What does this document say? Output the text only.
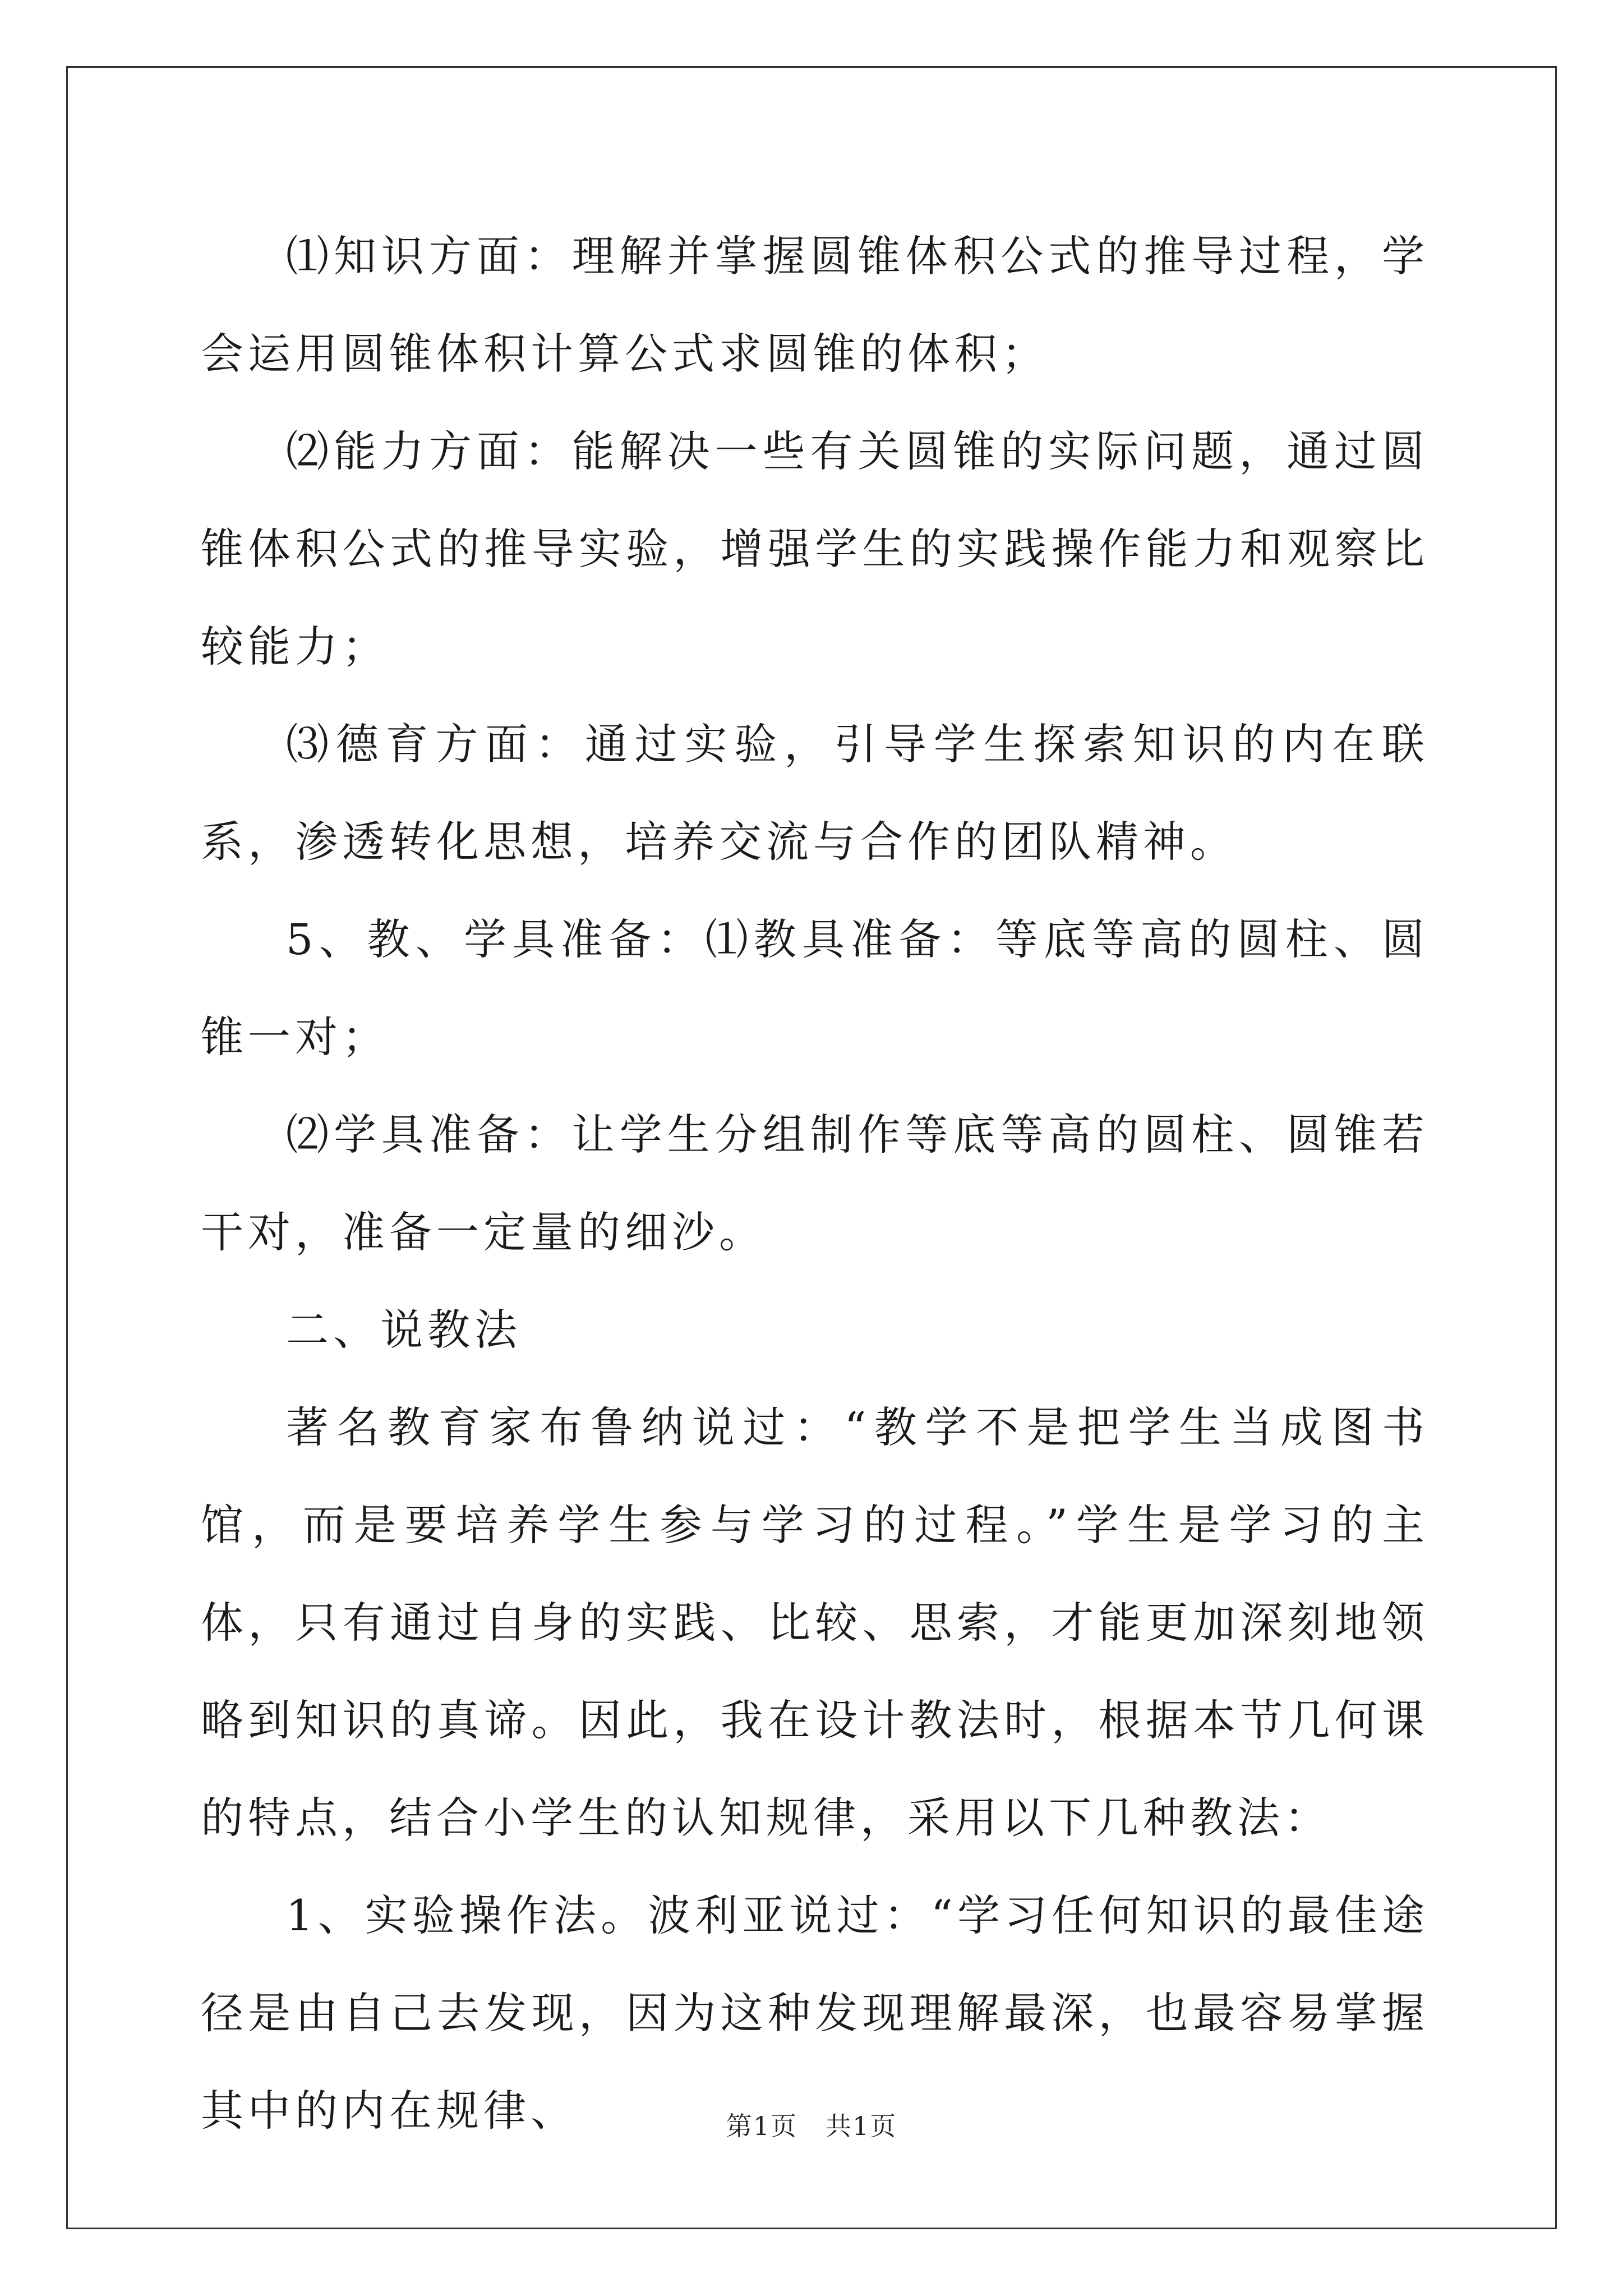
⑴知识方面：理解并掌握圆锥体积公式的推导过程，学会运用圆锥体积计算公式求圆锥的体积；

⑵能力方面：能解决一些有关圆锥的实际问题，通过圆锥体积公式的推导实验，增强学生的实践操作能力和观察比较能力；

⑶德育方面：通过实验，引导学生探索知识的内在联系，渗透转化思想，培养交流与合作的团队精神。

5、教、学具准备：⑴教具准备：等底等高的圆柱、圆锥一对；

⑵学具准备：让学生分组制作等底等高的圆柱、圆锥若干对，准备一定量的细沙。

二、说教法

著名教育家布鲁纳说过：“教学不是把学生当成图书馆，而是要培养学生参与学习的过程。”学生是学习的主体，只有通过自身的实践、比较、思索，才能更加深刻地领略到知识的真谛。因此，我在设计教法时，根据本节几何课的特点，结合小学生的认知规律，采用以下几种教法：

1、实验操作法。波利亚说过：“学习任何知识的最佳途径是由自己去发现，因为这种发现理解最深，也最容易掌握其中的内在规律、	第1页 共1页
